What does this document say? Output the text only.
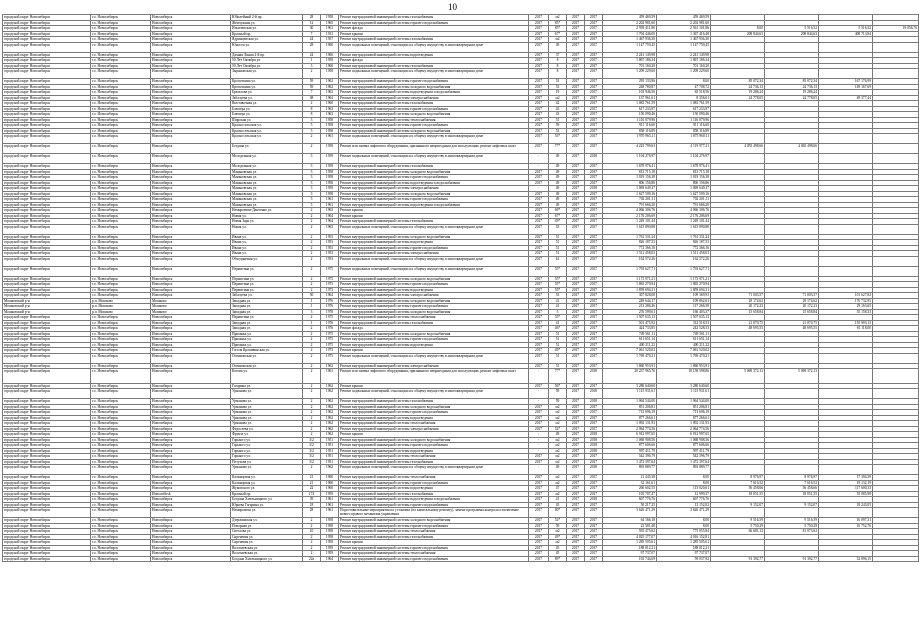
10
городской округ Новосибирск	г.о. Новосибирск	Новосибирск	Юбилейный 2-й пр.	28	1958	Ремонт внутридомовой инженерной системы газоснабжения	2017	м2	2017	2017	459 469,59	459 469,59				
городской округ Новосибирск	г.о. Новосибирск	Новосибирск	Жемчужная ул.	12	1965	Ремонт внутридомовой инженерной системы горячего водоснабжения	2017	85*	2017	2017	2 202 981,60	2 202 981,60				
городской округ Новосибирск	г.о. Новосибирск	Новосибирск	Ильичевская ул.	30	1961	Ремонт фасада	2017	85*	2017	2017	2 993 411,80	2 561 101,86	8,00	5 516,52	5 516,52	19 056,76
городской округ Новосибирск	г.о. Новосибирск	Новосибирск	Красный пр.	7	1931	Ремонт крыши	2017	67*	2017	2017	1 794 446,00	1 367 416,48	208 844,63	208 844,63	408 713,84	
городской округ Новосибирск	г.о. Новосибирск	Новосибирск	Ядринцевская ул.	24	1957	Ремонт внутридомовой инженерной системы газоснабжения	2017	м2	2017	2017	1 467 936,30	1 467 936,30				
городской округ Новосибирск	г.о. Новосибирск	Новосибирск	Юности ул.	28	1960	Ремонт подвальных помещений, относящихся к общему имуществу в многоквартирном доме	2017	39	2017	2017	1 147 759,45	1 147 759,45				
городской округ Новосибирск	г.о. Новосибирск	Новосибирск	Дачная Линия 2-й пр.	24	1960	Ремонт внутридомовой инженерной системы водоотведения	2017	37	2017	2017	2 241 149,98	2 241 149,98				
городской округ Новосибирск	г.о. Новосибирск	Новосибирск	50 Лет Октября ул.	1	1958	Ремонт фасада	2017	8	2017	2017	1 867 186,34	1 867 186,34				
городской округ Новосибирск	г.о. Новосибирск	Новосибирск	50 Лет Октября ул.	3	1960	Ремонт внутридомовой инженерной системы газоснабжения	2017	8	2017	2017	701 160,20	701 160,20				
городской округ Новосибирск	г.о. Новосибирск	Новосибирск	Зыряновская ул.	2	1958	Ремонт подвальных помещений, относящихся к общему имуществу в многоквартирном доме	2017	8	2017	2017	1 209 229,60	1 209 229,60				
городской округ Новосибирск	г.о. Новосибирск	Новосибирск	Кропоткина ул.	59	1962	Ремонт внутридомовой инженерной системы горячего водоснабжения	2017	53	2017	2017	295 133,96	8,00	85 072,34	85 072,34	167 176,99	
городской округ Новосибирск	г.о. Новосибирск	Новосибирск	Кропоткина ул.	59	1962	Ремонт внутридомовой инженерной системы холодного водоснабжения	2017	53	2017	2017	248 780,87	47 708,72	24 736,13	24 736,13	149 167,69	
городской округ Новосибирск	г.о. Новосибирск	Новосибирск	Брюллова ул.	7	1963	Ремонт внутридомовой инженерной системы водоотведения и водоснабжения	2017	19	2017	2017	103 946,56	65 518,56	19 286,24	19 286,24		
городской округ Новосибирск	г.о. Новосибирск	Новосибирск	Забалуева ул.	48	1964	Ремонт внутридомовой инженерной системы электроснабжения	2017	м2	2017	2017	137 961,61	8 356,61	24 778,05	24 778,05	49 377,44	
городской округ Новосибирск	г.о. Новосибирск	Новосибирск	Выставочная ул.	2	1960	Ремонт внутридомовой инженерной системы газоснабжения	2017	42	2017	2017	1 083 761,59	1 083 761,59				
городской округ Новосибирск	г.о. Новосибирск	Новосибирск	Блюхера ул.	8	1963	Ремонт внутридомовой инженерной системы горячего водоснабжения	2017	43	2017	2017	617 233,97	617 233,97				
городской округ Новосибирск	г.о. Новосибирск	Новосибирск	Блюхера ул.	8	1963	Ремонт внутридомовой инженерной системы холодного водоснабжения	2017	43	2017	2017	150 090,46	150 090,46				
городской округ Новосибирск	г.о. Новосибирск	Новосибирск	Широкая ул.	3	1958	Ремонт внутридомовой инженерной системы теплоснабжения	2017	51	2017	2017	1 116 079,96	1 116 079,96				
городской округ Новосибирск	г.о. Новосибирск	Новосибирск	Красносельская ул.	5	1958	Ремонт внутридомовой инженерной системы горячего водоснабжения	2017	59	2017	2017	911 116,60	911 116,60				
городской округ Новосибирск	г.о. Новосибирск	Новосибирск	Красносельская ул.	5	1958	Ремонт внутридомовой инженерной системы холодного водоснабжения	2017	53	2017	2017	858 116,89	858 116,89				
городской округ Новосибирск	г.о. Новосибирск	Новосибирск	Красносельская ул.	2	1961	Ремонт подвальных помещений, относящихся к общему имуществу в многоквартирном доме	2017	53*	2017	2017	1 970 965,11	1 875 960,11				
городской округ Новосибирск	г.о. Новосибирск	Новосибирск	Богдана ул.	2	1958	Ремонт или замена лифтового оборудования, признанного непригодным для эксплуатации, ремонт лифтовых шахт	2017	77*	2017	2017	4 225 799,63	4 119 977,21	4 055 498,66	4 065 498,66		
городской округ Новосибирск	г.о. Новосибирск	Новосибирск	Молодежная ул.	3	1959	Ремонт подвальных помещений, относящихся к общему имуществу в многоквартирном доме	-	49	2017	2018	1 104 276,97	1 104 276,97				
городской округ Новосибирск	г.о. Новосибирск	Новосибирск	Молодежная ул.	3	1959	Ремонт внутридомовой инженерной системы газоснабжения	-	49	2017	2017	1 678 976,41	1 678 976,41				
городской округ Новосибирск	г.о. Новосибирск	Новосибирск	Маньковская ул.	3	1958	Ремонт внутридомовой инженерной системы холодного водоснабжения	2017	49	2017	2017	813 715,18	813 715,18				
городской округ Новосибирск	г.о. Новосибирск	Новосибирск	Маньковская ул.	3	1958	Ремонт внутридомовой инженерной системы горячего водоснабжения	2017	49	2017	2017	1 019 156,38	1 019 156,38				
городской округ Новосибирск	г.о. Новосибирск	Новосибирск	Маньковская ул.	3	1958	Ремонт внутридомовой инженерной системы водоотведения и водоснабжения	2017	49	2017	2017	806 156,86	806 156,86				
городской округ Новосибирск	г.о. Новосибирск	Новосибирск	Маньковская ул.	3	1958	Ремонт внутридомовой инженерной системы электроснабжения	-	49	2017	2018	1 069 649,37	1 069 649,37				
городской округ Новосибирск	г.о. Новосибирск	Новосибирск	Маньковская ул.	3	1958	Ремонт внутридомовой инженерной системы холодного водоснабжения	2017	49	2017	2017	1 627 509,16	1 627 509,16				
городской округ Новосибирск	г.о. Новосибирск	Новосибирск	Маньковская ул.	5	1961	Ремонт внутридомовой инженерной системы горячего водоснабжения	2017	49	2017	2017	702 201,11	702 201,11				
городской округ Новосибирск	г.о. Новосибирск	Новосибирск	Маньковская ул.	5	1961	Ремонт внутридомовой инженерной системы водоотведения и водоснабжения	2017	49	2017	2017	791 666,20	791 666,20				
городской округ Новосибирск	г.о. Новосибирск	Новосибирск	Немировича-Данченко ул.	2	1963	Ремонт крыши	2017	69*	2017	2017	4 066 306,76	4 066 306,76				
городской округ Новосибирск	г.о. Новосибирск	Новосибирск	Новая ул.	2	1964	Ремонт крыши	2017	67*	2017	2017	2 176 206,69	2 176 206,69				
городской округ Новосибирск	г.о. Новосибирск	Новосибирск	Новая Заря ул.	2	1964	Ремонт внутридомовой инженерной системы газоснабжения	2017	49*	2017	2017	1 249 101,44	1 249 101,44				
городской округ Новосибирск	г.о. Новосибирск	Новосибирск	Новая ул.	2	1963	Ремонт подвальных помещений, относящихся к общему имуществу в многоквартирном доме	2017	53	2017	2017	1 615 890,88	1 615 890,88				
городской округ Новосибирск	г.о. Новосибирск	Новосибирск	Ивана ул.	2	1953	Ремонт внутридомовой инженерной системы холодного водоснабжения	2017	51	2017	2017	1 761 331,24	1 761 331,24				
городской округ Новосибирск	г.о. Новосибирск	Новосибирск	Ивана ул.	2	1953	Ремонт внутридомовой инженерной системы водоотведения	2017	51	2017	2017	826 187,53	826 187,53				
городской округ Новосибирск	г.о. Новосибирск	Новосибирск	Ивана ул.	2	1953	Ремонт внутридомовой инженерной системы горячего водоснабжения	2017	51	2017	2017	772 366,16	772 366,16				
городской округ Новосибирск	г.о. Новосибирск	Новосибирск	Ивана ул.	2	1953	Ремонт внутридомовой инженерной системы электроснабжения	2017	51	2017	2017	1 511 458,03	1 511 458,03				
городской округ Новосибирск	г.о. Новосибирск	Новосибирск	Объединения ул.	2	1953	Ремонт подвальных помещений, относящихся к общему имуществу в многоквартирном доме	2017	61	2017	2017	162 572,26	162 572,26				
городской округ Новосибирск	г.о. Новосибирск	Новосибирск	Пермитина ул.	2	1975	Ремонт подвальных помещений, относящихся к общему имуществу в многоквартирном доме	2017	55*	2017	2017	1 793 627,71	1 793 627,71				
городской округ Новосибирск	г.о. Новосибирск	Новосибирск	Пермитина ул.	2	1975	Ремонт внутридомовой инженерной системы холодного водоснабжения	2017	55*	2017	2017	1 173 971,21	1 173 971,21				
городской округ Новосибирск	г.о. Новосибирск	Новосибирск	Пермитина ул.	2	1975	Ремонт внутридомовой инженерной системы горячего водоснабжения	2017	55*	2017	2017	1 865 270,94	1 865 270,94				
городской округ Новосибирск	г.о. Новосибирск	Новосибирск	Пермитина ул.	2	1975	Ремонт внутридомовой инженерной системы водоотведения	2017	55*	2017	2017	1 859 694,31	1 859 694,31				
городской округ Новосибирск	г.о. Новосибирск	Новосибирск	Забалуева ул.	50	1964	Ремонт внутридомовой инженерной системы электроснабжения	2017	53	2017	2017	307 828,08	109 369,93	71 003,57	71 003,57	101 627,82	
Мошковский р-н	р.п. Мошково	Мошково	Западная ул.	1	1976	Ремонт внутридомовой инженерной системы холодного водоснабжения	2017	41	2017	2017	249 644,17	109 862,63	29 174,62	29 174,62	170 732,95	
Мошковский р-н	р.п. Мошково	Мошково	Западная ул.	1	1976	Ремонт внутридомовой инженерной системы горячего водоснабжения	2017	41	2017	2017	213 286,26	117 266,58	20 172,23	20 172,23	29 163,65	
Мошковский р-н	р.п. Мошково	Мошково	Западная ул.	3	1978	Ремонт внутридомовой инженерной системы холодного водоснабжения	2017	5	2017	2017	276 599,61	166 403,37	15 658,84	15 658,84	55 158,33	
городской округ Новосибирск	г.о. Новосибирск	Новосибирск	Пермитина ул.	2	1975	Ремонт внутридомовой инженерной системы теплоснабжения	2017	55*	2017	2017	1 507 635,13	1 507 635,13				
городской округ Новосибирск	г.о. Новосибирск	Новосибирск	Западная ул.	1	1976	Ремонт внутридомовой инженерной системы газоснабжения	2017	41	2017	2017	501 475,92	312 518,53	21 070,75	21 070,75	155 903,13	
городской округ Новосибирск	г.о. Новосибирск	Новосибирск	Западная ул.	2	1976	Ремонт фасада	2017	46*	2017	2017	424 733,85	242 528,53	48 695,55	48 695,55	81 118,00	
городской округ Новосибирск	г.о. Новосибирск	Новосибирск	Примыка ул.	2	1975	Ремонт внутридомовой инженерной системы холодного водоснабжения	2017	51	2017	2017	749 561,11	749 561,11				
городской округ Новосибирск	г.о. Новосибирск	Новосибирск	Примыка ул.	2	1975	Ремонт внутридомовой инженерной системы горячего водоснабжения	2017	51	2017	2017	611 651,14	611 651,14				
городской округ Новосибирск	г.о. Новосибирск	Новосибирск	Примыка ул.	2	1975	Ремонт внутридомовой инженерной системы водоотведения	2017	51	2017	2017	400 211,22	400 211,22				
городской округ Новосибирск	г.о. Новосибирск	Новосибирск	Гоголя Крапивинская ул.	2	1975	Ремонт крыши	2017	49*	2017	2017	7 061 520,02	7 061 520,02				
городской округ Новосибирск	г.о. Новосибирск	Новосибирск	Оптиковская ул.	2	1975	Ремонт подвальных помещений, относящихся к общему имуществу в многоквартирном доме	2017	51	2017	2017	1 769 470,21	1 769 470,21				
городской округ Новосибирск	г.о. Новосибирск	Новосибирск	Оптиковская ул.	2	1962	Ремонт внутридомовой инженерной системы электроснабжения	2017	51	2017	2017	1 860 953,91	1 860 953,91				
городской округ Новосибирск	г.о. Новосибирск	Новосибирск	Котова ул.	2	1961	Ремонт или замена лифтового оборудования, признанного непригодным для эксплуатации, ремонт лифтовых шахт	-	77*	2017	2018	20 237 965,76	18 158 598,86	5 069 372,13	5 069 372,13		
городской округ Новосибирск	г.о. Новосибирск	Новосибирск	Гагарина ул.	2	1962	Ремонт крыши	2017	56*	2017	2017	3 280 640,60	3 280 640,60				
городской округ Новосибирск	г.о. Новосибирск	Новосибирск	Урманова ул.	2	1962	Ремонт подвальных помещений, относящихся к общему имуществу в многоквартирном доме	-	59	2017	2018	1 115 931,61	1 115 931,61				
городской округ Новосибирск	г.о. Новосибирск	Новосибирск	Урманова ул.	2	1962	Ремонт внутридомовой инженерной системы газоснабжения	-	59	2017	2018	1 064 544,00	1 064 544,00				
городской округ Новосибирск	г.о. Новосибирск	Новосибирск	Урманова ул.	2	1962	Ремонт внутридомовой инженерной системы холодного водоснабжения	2017	м2	2017	2017	851 206,81	851 206,81				
городской округ Новосибирск	г.о. Новосибирск	Новосибирск	Урманова ул.	2	1962	Ремонт внутридомовой инженерной системы горячего водоснабжения	2017	м2	2017	2017	713 696,19	713 696,19				
городской округ Новосибирск	г.о. Новосибирск	Новосибирск	Урманова ул.	2	1962	Ремонт внутридомовой инженерной системы водоотведения	2017	м2	2017	2017	877 266,61	877 266,61				
городской округ Новосибирск	г.о. Новосибирск	Новосибирск	Урманова ул.	2	1962	Ремонт внутридомовой инженерной системы теплоснабжения	2017	м2	2017	2017	1 092 131,93	1 092 131,93				
городской округ Новосибирск	г.о. Новосибирск	Новосибирск	Федосеева ул.	2	1962	Ремонт внутридомовой инженерной системы электроснабжения	2017	52*	2017	2017	2 064 774,56	2 064 774,56				
городской округ Новосибирск	г.о. Новосибирск	Новосибирск	Фрунзе ул.	2	1962	Ремонт крыши	-	49	2017	2018	6 912 997,65	6 912 997,65				
городской округ Новосибирск	г.о. Новосибирск	Новосибирск	Горького ул.	3/2	1951	Ремонт внутридомовой инженерной системы холодного водоснабжения	-	м2	2017	2018	1 068 908,56	1 068 908,56				
городской округ Новосибирск	г.о. Новосибирск	Новосибирск	Горького ул.	3/2	1951	Ремонт внутридомовой инженерной системы горячего водоснабжения	-	м2	2017	2018	877 606,66	877 606,66				
городской округ Новосибирск	г.о. Новосибирск	Новосибирск	Горького ул.	3/2	1951	Ремонт внутридомовой инженерной системы водоотведения	-	м2	2017	2018	997 411,79	997 411,79				
городской округ Новосибирск	г.о. Новосибирск	Новосибирск	Горького ул.	3/2	1951	Ремонт внутридомовой инженерной системы теплоснабжения	2017	м2	2017	2017	542 396,79	542 396,79				
городской округ Новосибирск	г.о. Новосибирск	Новосибирск	Петухова ул.	3/2	1951	Ремонт внутридомовой инженерной системы газоснабжения	2017	м2	2017	2017	1 472 397,64	1 472 397,64				
городской округ Новосибирск	г.о. Новосибирск	Новосибирск	Урманова ул.	2	1962	Ремонт подвальных помещений, относящихся к общему имуществу в многоквартирном доме	-	49	2017	2018	893 889,77	893 889,77				
городской округ Новосибирск	г.о. Новосибирск	Новосибирск	Калинцовая ул.	21	1960	Ремонт внутридомовой инженерной системы теплоснабжения	2017	м2	2017	2017	21 445,38	8,00	8 976,97	8 976,97	17 394,39	
городской округ Новосибирск	г.о. Новосибирск	Новосибирск	Калинцовая ул.	21	1960	Ремонт внутридомовой инженерной системы горячего водоснабжения	2017	м2	2017	2017	32 161,61	8,00	7 616,52	7 616,52	19 132,19	
городской округ Новосибирск	г.о. Новосибирск	Новосибирск	Жуковского ул.	22	1960	Ремонт внутридомовой инженерной системы водоотведения	2017	47	2017	2017	260 602,55	115 020,61	56 458,66	56 458,66	117 600,33	
городской округ Новосибирск	г.о. Новосибирск	Новосибirsk	Красный пр.	174	1959	Ремонт внутридомовой инженерной системы газоснабжения	2017	м2	2017	2017	105 707,47	12 999,37	18 051,55	18 051,55	55 085,98	
городской округ Новосибирск	г.о. Новосибирск	Новосибирск	Богдана Хмельницкого ул.	39	1961	Ремонт внутридомовой инженерной системы водоотведения и водоснабжения	2017	41	2017	2018	607 776,76	607 776,76				
городской округ Новосибирск	г.о. Новосибирск	Новосибирск	Юрьева Гагарина ул.	18	1961	Ремонт внутридомовой инженерной системы горячего водоснабжения	2017	45	2017	2017	50 217,25	13 152,02	9 152,07	9 152,07	18 243,05	
городской округ Новосибирск	г.о. Новосибирск	Новосибирск	Немировича ул.	28	1961	Подготовительные мероприятия по установке (по капитальному ремонту), замене программы контроля и включение нового правого механизма управления	2017	80*	2017	2017	3 626 471,29	3 626 471,29				
городской округ Новосибирск	г.о. Новосибирск	Новосибирск	Дзержинская ул.	2	1958	Ремонт внутридомовой инженерной системы холодного водоснабжения	2017	52*	2017	2017	64 166,18	8,00	9 516,59	9 516,59	16 097,31	
городской округ Новосибирск	г.о. Новосибирск	Новосибирск	Поворная ул.	2	1958	Ремонт внутридомовой инженерной системы горячего водоснабжения	2017	59	2017	2017	23 581,48	8,00	5 750,29	5 750,29	10 752,76	
городской округ Новосибирск	г.о. Новосибирск	Новосибирск	Светлова ул.	10	1958	Ремонт внутридомовой инженерной системы теплоснабжения	2017	м2	2017	2017	593 475,62	775 055,84	66 681,12	81 073,62		
городской округ Новосибирск	г.о. Новосибирск	Новосибирск	Сиреневая ул.	2	1958	Ремонт внутридомовой инженерной системы газоснабжения	2017	49*	2017	2017	4 025 177,07	4 016 152,81				
городской округ Новосибирск	г.о. Новосибирск	Новосибирск	Сиреневая ул.	2	1958	Ремонт крыши	2017	м2	2017	2017	1 285 505,61	1 285 505,61				
городской округ Новосибирск	г.о. Новосибирск	Новосибирск	Волочаевская ул.	2	1959	Ремонт внутридомовой инженерной системы горячего водоснабжения	2017	45	2017	2017	188 012,21	188 012,21				
городской округ Новосибирск	г.о. Новосибирск	Новосибирск	Волочаевская ул.	2	1959	Ремонт внутридомовой инженерной системы теплоснабжения	2017	45	2017	2017	97 737,07	97 737,07				
городской округ Новосибирск	г.о. Новосибирск	Новосибирск	Богдана Хмельницкого ул.	22а	1964	Ремонт внутридомовой инженерной системы горячего водоснабжения	2017	89*	2017	2017	192 744,69	59 037,92	91 392,77	91 392,77	32 896,15	
